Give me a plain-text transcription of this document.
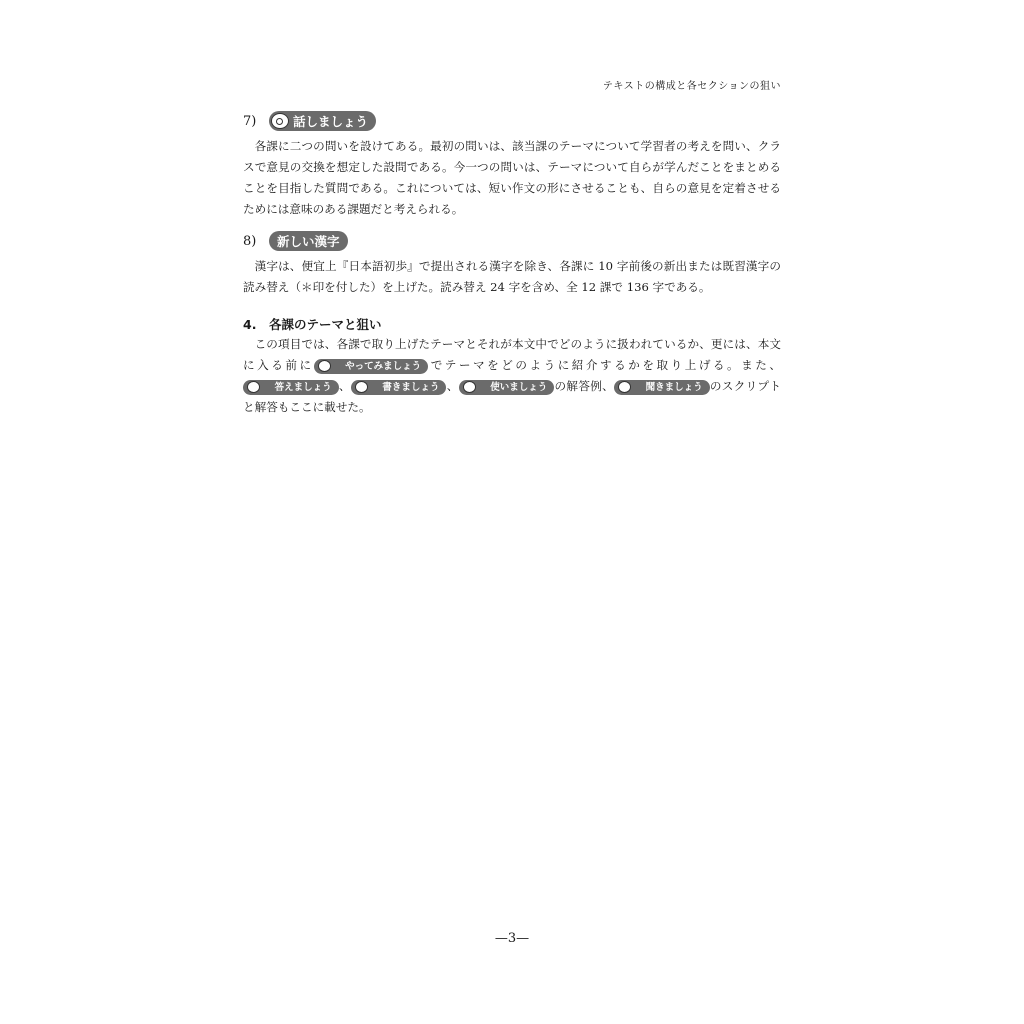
テキストの構成と各セクションの狙い
7)	話しましょう

各課に二つの問いを設けてある。最初の問いは、該当課のテーマについて学習者の考えを問い、クラスで意見の交換を想定した設問である。今一つの問いは、テーマについて自らが学んだことをまとめることを目指した質問である。これについては、短い作文の形にさせることも、自らの意見を定着させるためには意味のある課題だと考えられる。

8)	新しい漢字

漢字は、便宜上『日本語初歩』で提出される漢字を除き、各課に 10 字前後の新出または既習漢字の読み替え（＊印を付した）を上げた。読み替え 24 字を含め、全 12 課で 136 字である。

4. 各課のテーマと狙い

この項目では、各課で取り上げたテーマとそれが本文中でどのように扱われているか、更には、本文に入る前に	やってみましょう でテーマをどのように紹介するかを取り上げる。また、
答えましょう 、	書きましょう 、	使いましょう の解答例、	聞きましょう のスクリプトと解答もここに載せた。

—3—
